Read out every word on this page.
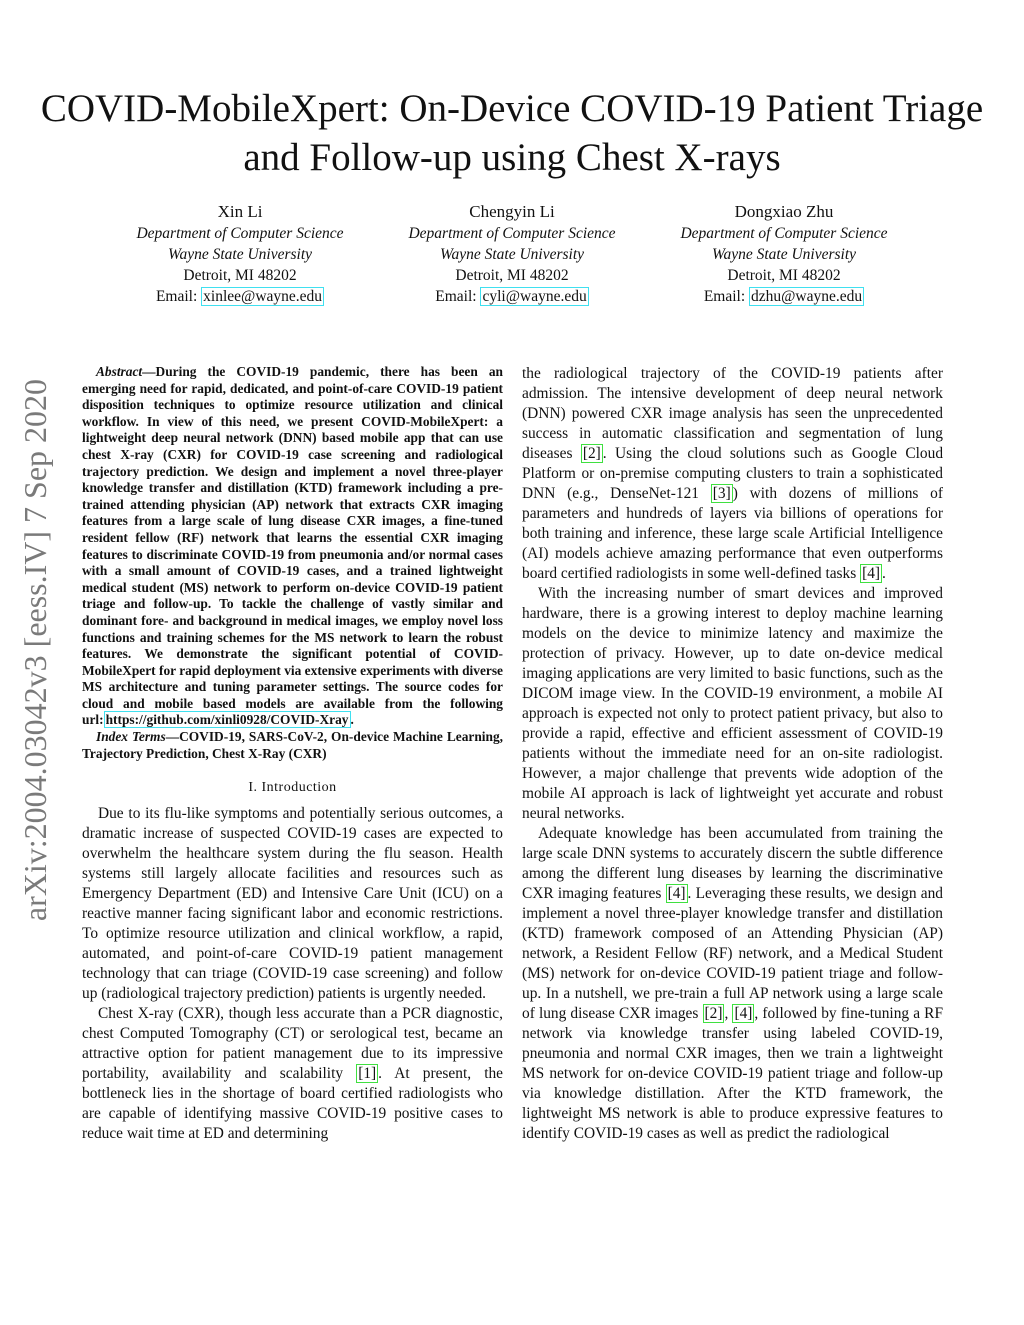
COVID-MobileXpert: On-Device COVID-19 Patient Triage and Follow-up using Chest X-rays
Xin Li
Department of Computer Science
Wayne State University
Detroit, MI 48202
Email: xinlee@wayne.edu
Chengyin Li
Department of Computer Science
Wayne State University
Detroit, MI 48202
Email: cyli@wayne.edu
Dongxiao Zhu
Department of Computer Science
Wayne State University
Detroit, MI 48202
Email: dzhu@wayne.edu
arXiv:2004.03042v3 [eess.IV] 7 Sep 2020

Abstract—During the COVID-19 pandemic, there has been an emerging need for rapid, dedicated, and point-of-care COVID-19 patient disposition techniques to optimize resource utilization and clinical workflow. In view of this need, we present COVID-MobileXpert: a lightweight deep neural network (DNN) based mobile app that can use chest X-ray (CXR) for COVID-19 case screening and radiological trajectory prediction. We design and implement a novel three-player knowledge transfer and distillation (KTD) framework including a pre-trained attending physician (AP) network that extracts CXR imaging features from a large scale of lung disease CXR images, a fine-tuned resident fellow (RF) network that learns the essential CXR imaging features to discriminate COVID-19 from pneumonia and/or normal cases with a small amount of COVID-19 cases, and a trained lightweight medical student (MS) network to perform on-device COVID-19 patient triage and follow-up. To tackle the challenge of vastly similar and dominant fore- and background in medical images, we employ novel loss functions and training schemes for the MS network to learn the robust features. We demonstrate the significant potential of COVID-MobileXpert for rapid deployment via extensive experiments with diverse MS architecture and tuning parameter settings. The source codes for cloud and mobile based models are available from the following url: https://github.com/xinli0928/COVID-Xray .

Index Terms—COVID-19, SARS-CoV-2, On-device Machine Learning, Trajectory Prediction, Chest X-Ray (CXR)

I. Introduction

Due to its flu-like symptoms and potentially serious outcomes, a dramatic increase of suspected COVID-19 cases are expected to overwhelm the healthcare system during the flu season. Health systems still largely allocate facilities and resources such as Emergency Department (ED) and Intensive Care Unit (ICU) on a reactive manner facing significant labor and economic restrictions. To optimize resource utilization and clinical workflow, a rapid, automated, and point-of-care COVID-19 patient management technology that can triage (COVID-19 case screening) and follow up (radiological trajectory prediction) patients is urgently needed.

Chest X-ray (CXR), though less accurate than a PCR diagnostic, chest Computed Tomography (CT) or serological test, became an attractive option for patient management due to its impressive portability, availability and scalability [1] . At present, the bottleneck lies in the shortage of board certified radiologists who are capable of identifying massive COVID-19 positive cases to reduce wait time at ED and determining

the radiological trajectory of the COVID-19 patients after admission. The intensive development of deep neural network (DNN) powered CXR image analysis has seen the unprecedented success in automatic classification and segmentation of lung diseases [2] . Using the cloud solutions such as Google Cloud Platform or on-premise computing clusters to train a sophisticated DNN (e.g., DenseNet-121 [3] ) with dozens of millions of parameters and hundreds of layers via billions of operations for both training and inference, these large scale Artificial Intelligence (AI) models achieve amazing performance that even outperforms board certified radiologists in some well-defined tasks [4] .

With the increasing number of smart devices and improved hardware, there is a growing interest to deploy machine learning models on the device to minimize latency and maximize the protection of privacy. However, up to date on-device medical imaging applications are very limited to basic functions, such as the DICOM image view. In the COVID-19 environment, a mobile AI approach is expected not only to protect patient privacy, but also to provide a rapid, effective and efficient assessment of COVID-19 patients without the immediate need for an on-site radiologist. However, a major challenge that prevents wide adoption of the mobile AI approach is lack of lightweight yet accurate and robust neural networks.

Adequate knowledge has been accumulated from training the large scale DNN systems to accurately discern the subtle difference among the different lung diseases by learning the discriminative CXR imaging features [4] . Leveraging these results, we design and implement a novel three-player knowledge transfer and distillation (KTD) framework composed of an Attending Physician (AP) network, a Resident Fellow (RF) network, and a Medical Student (MS) network for on-device COVID-19 patient triage and follow-up. In a nutshell, we pre-train a full AP network using a large scale of lung disease CXR images [2] , [4] , followed by fine-tuning a RF network via knowledge transfer using labeled COVID-19, pneumonia and normal CXR images, then we train a lightweight MS network for on-device COVID-19 patient triage and follow-up via knowledge distillation. After the KTD framework, the lightweight MS network is able to produce expressive features to identify COVID-19 cases as well as predict the radiological
